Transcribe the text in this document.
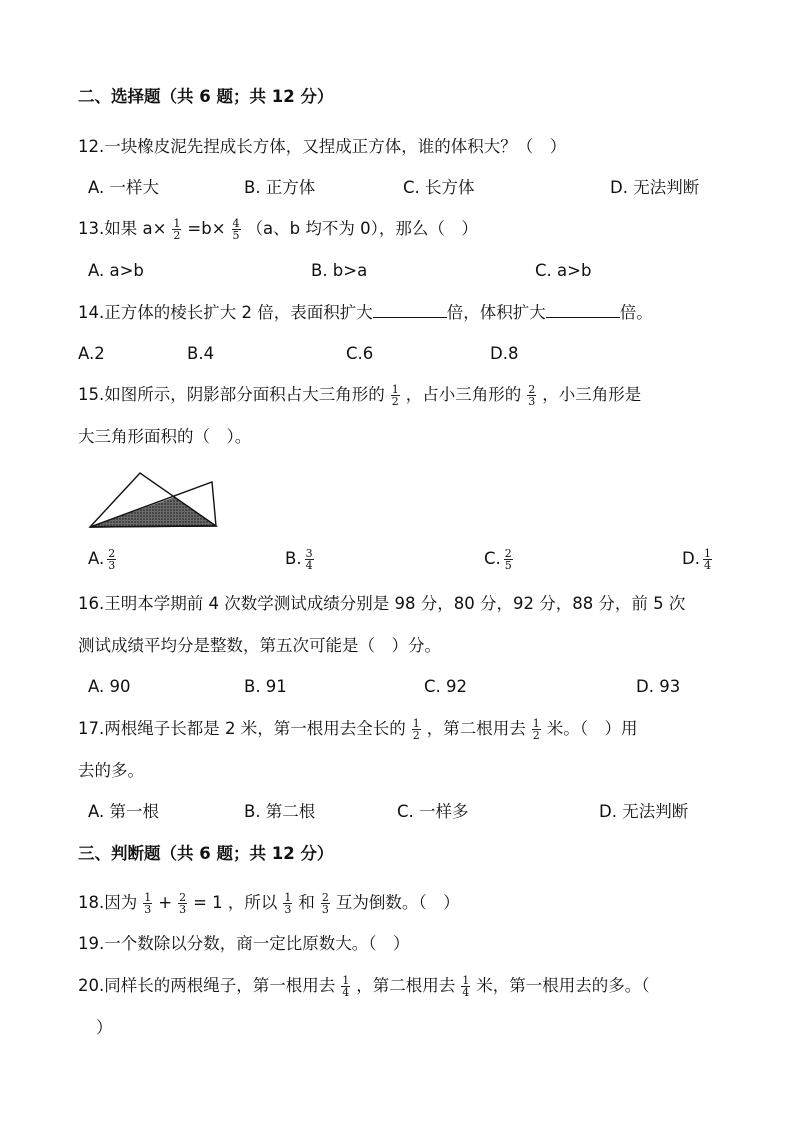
二、选择题（共 6 题；共 12 分）
12.一块橡皮泥先捏成长方体，又捏成正方体，谁的体积大？（　）
A. 一样大	B. 正方体	C. 长方体	D. 无法判断
13.如果 $a\times \frac{1}{2} =b\times \frac{4}{5} (a$、b 均不为 0），那么（　）
A. a>b	B. b>a	C. a>b
14.正方体的棱长扩大 2 倍，表面积扩大	倍，体积扩大	倍。
A.2	B.4	C.6	D.8
15.如图所示，阴影部分面积占大三角形的 $\frac{1}{2}$ ，占小三角形的 $\frac{2}{3}$ ，小三角形是
大三角形面积的（　）。
A. $\frac{2}{3}$	B. $\frac{3}{4}$	C. $\frac{2}{5}$	D. $\frac{1}{4}$
16.王明本学期前 4 次数学测试成绩分别是 98 分，80 分，92 分，88 分，前 5 次
测试成绩平均分是整数，第五次可能是（　）分。
A. 90	B. 91	C. 92	D. 93
17.两根绳子长都是 2 米，第一根用去全长的 $\frac{1}{2}$ ，第二根用去 $\frac{1}{2}$ 米。（　）用
去的多。
A. 第一根	B. 第二根	C. 一样多	D. 无法判断
三、判断题（共 6 题；共 12 分）
18.因为 $\frac{1}{3} + \frac{2}{3} = 1$ ，所以 $\frac{1}{3}$ 和 $\frac{2}{3}$ 互为倒数。（　）
19.一个数除以分数，商一定比原数大。（　）
20.同样长的两根绳子，第一根用去 $\frac{1}{4}$ ，第二根用去 $\frac{1}{4}$ 米，第一根用去的多。（
）
